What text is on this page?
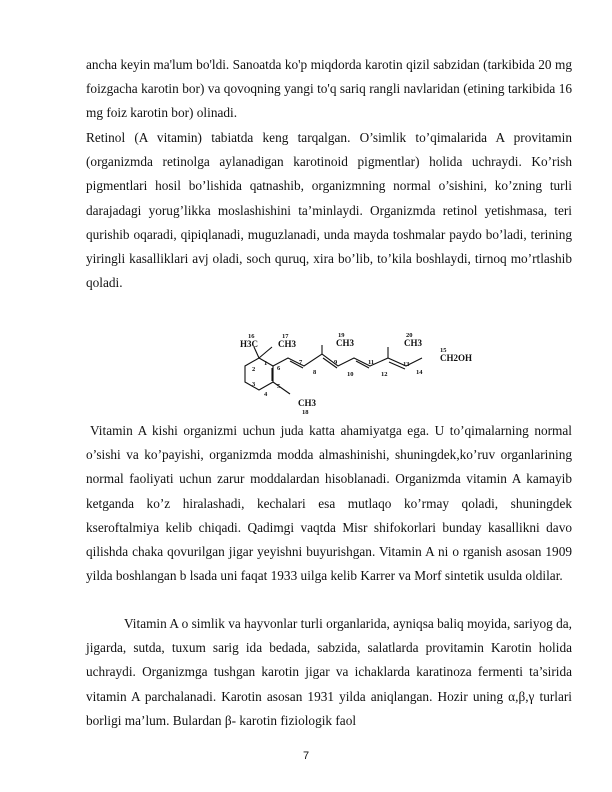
ancha keyin ma'lum bo'ldi. Sanoatda ko'p miqdorda karotin qizil sabzidan (tarkibida 20 mg foizgacha karotin bor) va qovoqning yangi to'q sariq rangli navlaridan (etining tarkibida 16 mg foiz karotin bor) olinadi.

Retinol (A vitamin) tabiatda keng tarqalgan. O’simlik to’qimalarida A provitamin (organizmda retinolga aylanadigan karotinoid pigmentlar) holida uchraydi. Ko’rish pigmentlari hosil bo’lishida qatnashib, organizmning normal o’sishini, ko’zning turli darajadagi yorug’likka moslashishini ta’minlaydi. Organizmda retinol yetishmasa, teri qurishib oqaradi, qipiqlanadi, muguzlanadi, unda mayda toshmalar paydo bo’ladi, terining yiringli kasalliklari avj oladi, soch quruq, xira bo’lib, to’kila boshlaydi, tirnoq mo’rtlashib qoladi.

H3C CH3	CH3	CH3
CH2OH
CH3
16	17	19	20
15
1
6
2
3
4
5
7
8
9
10
11
12
13
14
18

Vitamin A kishi organizmi uchun juda katta ahamiyatga ega. U to’qimalarning normal o’sishi va ko’payishi, organizmda modda almashinishi, shuningdek,ko’ruv organlarining normal faoliyati uchun zarur moddalardan hisoblanadi. Organizmda vitamin A kamayib ketganda ko’z hiralashadi, kechalari esa mutlaqo ko’rmay qoladi, shuningdek kseroftalmiya kelib chiqadi. Qadimgi vaqtda Misr shifokorlari bunday kasallikni davo qilishda chaka qovurilgan jigar yeyishni buyurishgan. Vitamin A ni o rganish asosan 1909 yilda boshlangan b lsada uni faqat 1933 uilga kelib Karrer va Morf sintetik usulda oldilar.

Vitamin A o simlik va hayvonlar turli organlarida, ayniqsa baliq moyida, sariyog da, jigarda, sutda, tuxum sarig ida bedada, sabzida, salatlarda provitamin Karotin holida uchraydi. Organizmga tushgan karotin jigar va ichaklarda karatinoza fermenti ta’sirida vitamin A parchalanadi. Karotin asosan 1931 yilda aniqlangan. Hozir uning α,β,γ turlari borligi ma’lum. Bulardan β- karotin fiziologik faol

7
